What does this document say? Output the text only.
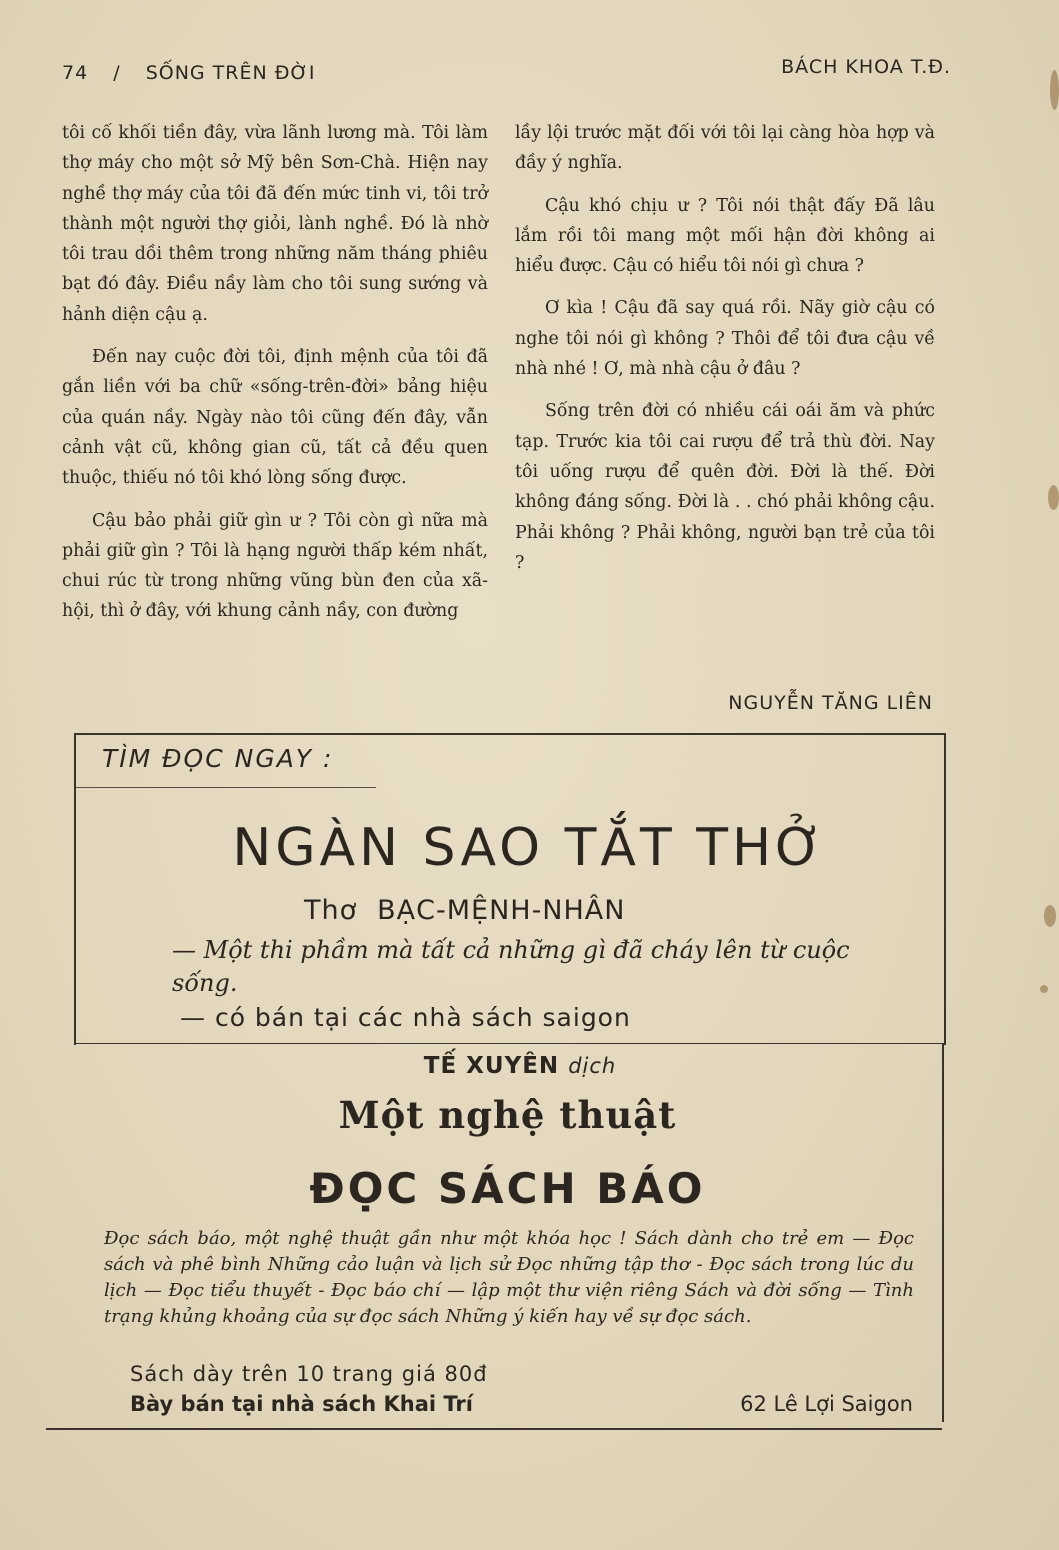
74 / SỐNG TRÊN ĐỜI	BÁCH KHOA T.Đ.

tôi cố khối tiền đây, vừa lãnh lương mà. Tôi làm thợ máy cho một sở Mỹ bên Sơn-Chà. Hiện nay nghề thợ máy của tôi đã đến mức tinh vi, tôi trở thành một người thợ giỏi, lành nghề. Đó là nhờ tôi trau dồi thêm trong những năm tháng phiêu bạt đó đây. Điều nầy làm cho tôi sung sướng và hảnh diện cậu ạ.

Đến nay cuộc đời tôi, định mệnh của tôi đã gắn liền với ba chữ «sống-trên-đời» bảng hiệu của quán nầy. Ngày nào tôi cũng đến đây, vẫn cảnh vật cũ, không gian cũ, tất cả đều quen thuộc, thiếu nó tôi khó lòng sống được.

Cậu bảo phải giữ gìn ư ? Tôi còn gì nữa mà phải giữ gìn ? Tôi là hạng người thấp kém nhất, chui rúc từ trong những vũng bùn đen của xã-hội, thì ở đây, với khung cảnh nầy, con đường

lầy lội trước mặt đối với tôi lại càng hòa hợp và đầy ý nghĩa.

Cậu khó chịu ư ? Tôi nói thật đấy Đã lâu lắm rồi tôi mang một mối hận đời không ai hiểu được. Cậu có hiểu tôi nói gì chưa ?

Ơ kìa ! Cậu đã say quá rồi. Nãy giờ cậu có nghe tôi nói gì không ? Thôi để tôi đưa cậu về nhà nhé ! Ơ, mà nhà cậu ở đâu ?

Sống trên đời có nhiều cái oái ăm và phức tạp. Trước kia tôi cai rượu để trả thù đời. Nay tôi uống rượu để quên đời. Đời là thế. Đời không đáng sống. Đời là . . chó phải không cậu. Phải không ? Phải không, người bạn trẻ của tôi ?

NGUYỄN TĂNG LIÊN
TÌM ĐỌC NGAY :
NGÀN SAO TẮT THỞ
Thơ BẠC-MỆNH-NHÂN
— Một thi phầm mà tất cả những gì đã cháy lên từ cuộc sống.
— có bán tại các nhà sách saigon
TẾ XUYÊN dịch
Một nghệ thuật
ĐỌC SÁCH BÁO
Đọc sách báo, một nghệ thuật gần như một khóa học ! Sách dành cho trẻ em — Đọc sách và phê bình Những cảo luận và lịch sử Đọc những tập thơ - Đọc sách trong lúc du lịch — Đọc tiểu thuyết - Đọc báo chí — lập một thư viện riêng Sách và đời sống — Tình trạng khủng khoảng của sự đọc sách Những ý kiến hay về sự đọc sách.
Sách dày trên 10 trang giá 80đ
Bày bán tại nhà sách Khai Trí	62 Lê Lợi Saigon
